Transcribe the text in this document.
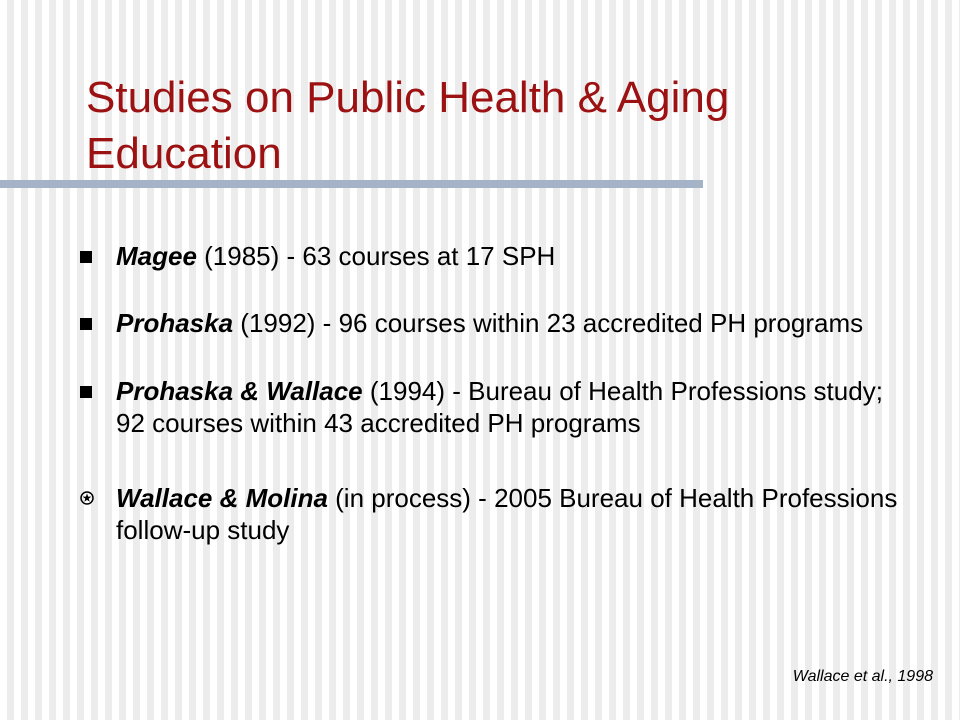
Studies on Public Health & Aging Education
Magee (1985) - 63 courses at 17 SPH
Prohaska (1992) - 96 courses within 23 accredited PH programs
Prohaska & Wallace (1994) - Bureau of Health Professions study; 92 courses within 43 accredited PH programs
Wallace & Molina (in process) - 2005 Bureau of Health Professions follow-up study
Wallace et al., 1998
